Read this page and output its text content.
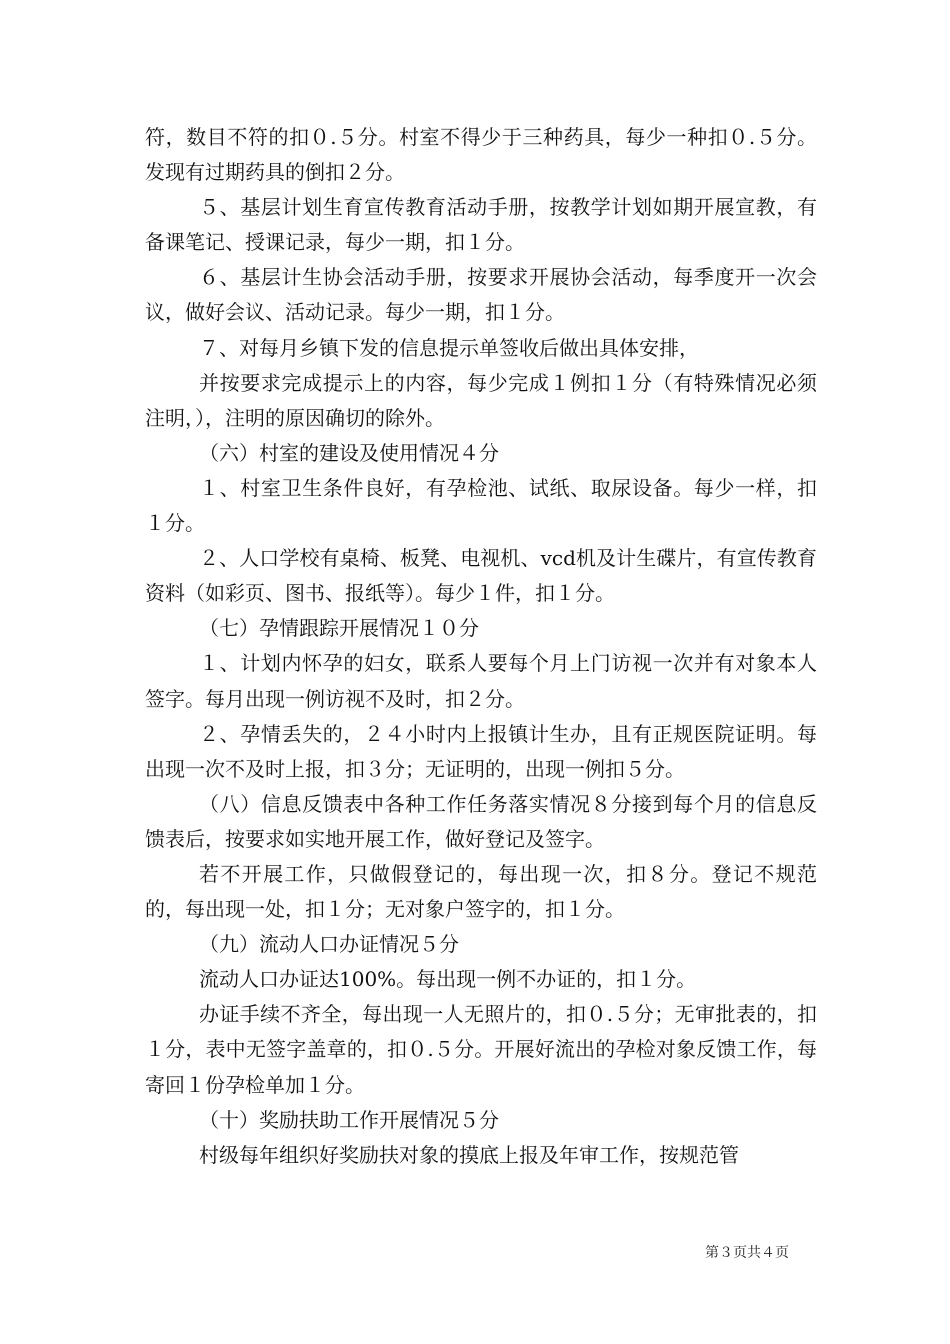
符，数目不符的扣０.５分。村室不得少于三种药具，每少一种扣０.５分。发现有过期药具的倒扣２分。

５、基层计划生育宣传教育活动手册，按教学计划如期开展宣教，有备课笔记、授课记录，每少一期，扣１分。

６、基层计生协会活动手册，按要求开展协会活动，每季度开一次会议，做好会议、活动记录。每少一期，扣１分。

７、对每月乡镇下发的信息提示单签收后做出具体安排，

并按要求完成提示上的内容，每少完成１例扣１分（有特殊情况必须注明，），注明的原因确切的除外。

（六）村室的建设及使用情况４分

１、村室卫生条件良好，有孕检池、试纸、取尿设备。每少一样，扣１分。

２、人口学校有桌椅、板凳、电视机、vcd机及计生碟片，有宣传教育资料（如彩页、图书、报纸等）。每少１件，扣１分。

（七）孕情跟踪开展情况１０分

１、计划内怀孕的妇女，联系人要每个月上门访视一次并有对象本人签字。每月出现一例访视不及时，扣２分。

２、孕情丢失的，２４小时内上报镇计生办，且有正规医院证明。每出现一次不及时上报，扣３分；无证明的，出现一例扣５分。

（八）信息反馈表中各种工作任务落实情况８分接到每个月的信息反馈表后，按要求如实地开展工作，做好登记及签字。

若不开展工作，只做假登记的，每出现一次，扣８分。登记不规范的，每出现一处，扣１分；无对象户签字的，扣１分。

（九）流动人口办证情况５分

流动人口办证达100%。每出现一例不办证的，扣１分。

办证手续不齐全，每出现一人无照片的，扣０.５分；无审批表的，扣１分，表中无签字盖章的，扣０.５分。开展好流出的孕检对象反馈工作，每寄回１份孕检单加１分。

（十）奖励扶助工作开展情况５分

村级每年组织好奖励扶对象的摸底上报及年审工作，按规范管

第３页共４页
